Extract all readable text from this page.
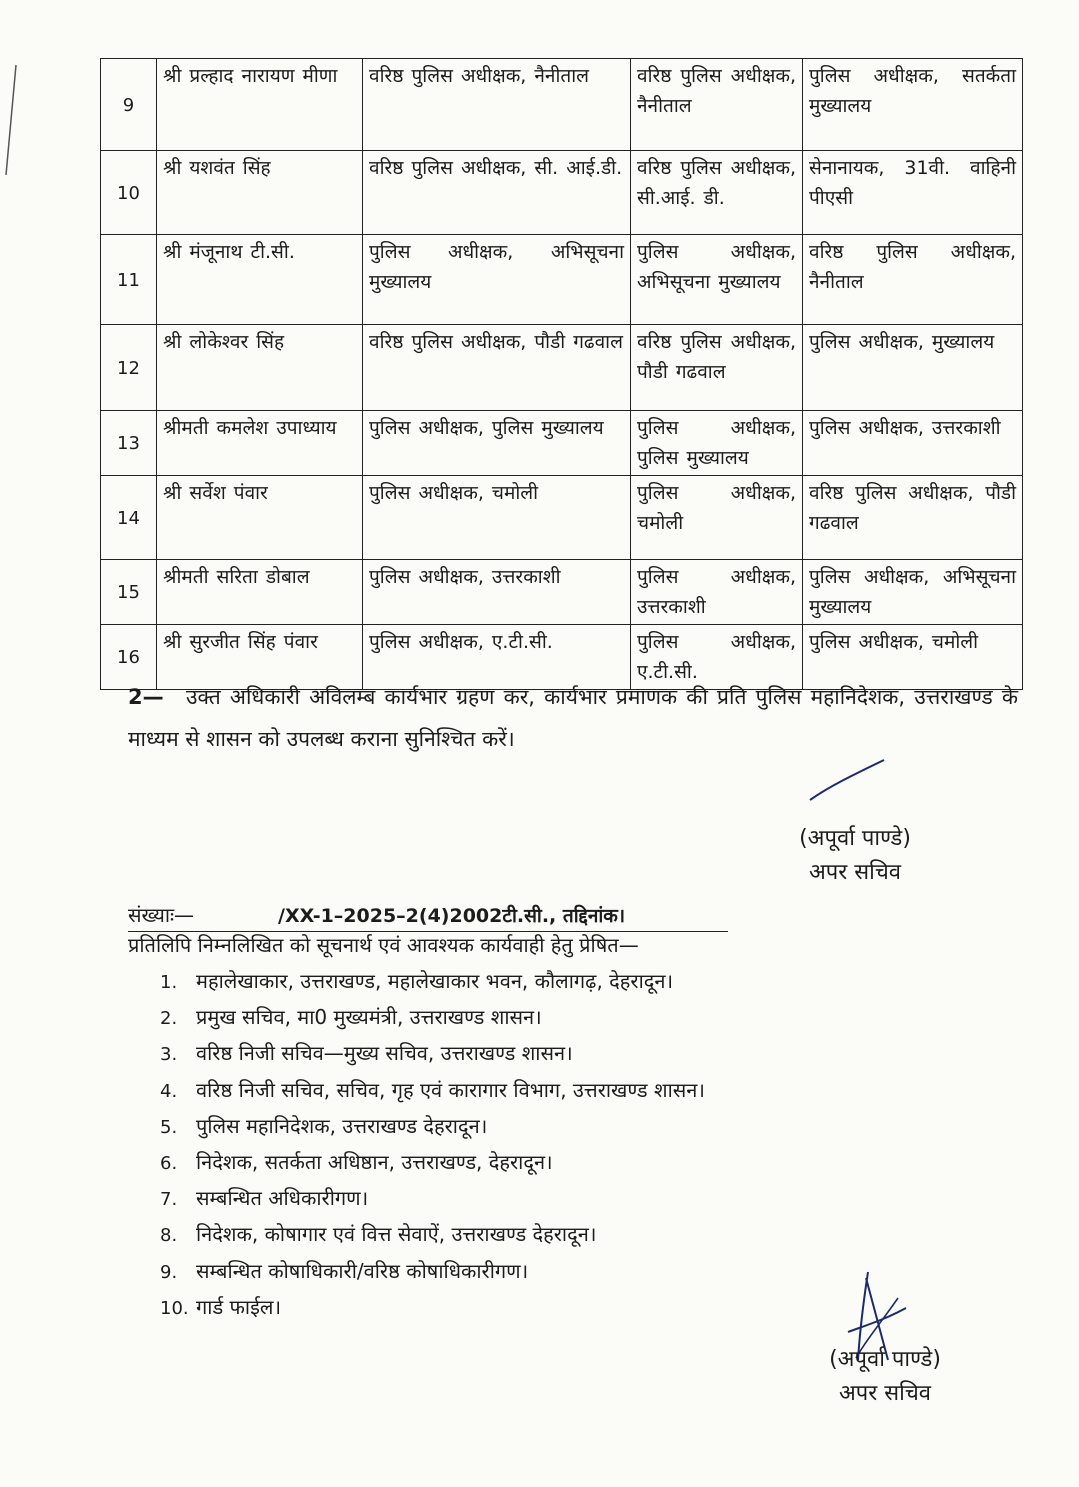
9	श्री प्रल्हाद नारायण मीणा	वरिष्ठ पुलिस अधीक्षक, नैनीताल	वरिष्ठ पुलिस अधीक्षक, नैनीताल	पुलिस अधीक्षक, सतर्कता मुख्यालय
10	श्री यशवंत सिंह	वरिष्ठ पुलिस अधीक्षक, सी. आई.डी.	वरिष्ठ पुलिस अधीक्षक, सी.आई. डी.	सेनानायक, 31वी. वाहिनी पीएसी
11	श्री मंजूनाथ टी.सी.	पुलिस अधीक्षक, अभिसूचना मुख्यालय	पुलिस अधीक्षक, अभिसूचना मुख्यालय	वरिष्ठ पुलिस अधीक्षक, नैनीताल
12	श्री लोकेश्वर सिंह	वरिष्ठ पुलिस अधीक्षक, पौडी गढवाल	वरिष्ठ पुलिस अधीक्षक, पौडी गढवाल	पुलिस अधीक्षक, मुख्यालय
13	श्रीमती कमलेश उपाध्याय	पुलिस अधीक्षक, पुलिस मुख्यालय	पुलिस अधीक्षक, पुलिस मुख्यालय	पुलिस अधीक्षक, उत्तरकाशी
14	श्री सर्वेश पंवार	पुलिस अधीक्षक, चमोली	पुलिस अधीक्षक, चमोली	वरिष्ठ पुलिस अधीक्षक, पौडी गढवाल
15	श्रीमती सरिता डोबाल	पुलिस अधीक्षक, उत्तरकाशी	पुलिस अधीक्षक, उत्तरकाशी	पुलिस अधीक्षक, अभिसूचना मुख्यालय
16	श्री सुरजीत सिंह पंवार	पुलिस अधीक्षक, ए.टी.सी.	पुलिस अधीक्षक, ए.टी.सी.	पुलिस अधीक्षक, चमोली
2— उक्त अधिकारी अविलम्ब कार्यभार ग्रहण कर, कार्यभार प्रमाणक की प्रति पुलिस महानिदेशक, उत्तराखण्ड के माध्यम से शासन को उपलब्ध कराना सुनिश्चित करें।
(अपूर्वा पाण्डे)
अपर सचिव
संख्याः—	/XX-1–2025–2(4)2002टी.सी., तद्दिनांक।
प्रतिलिपि निम्नलिखित को सूचनार्थ एवं आवश्यक कार्यवाही हेतु प्रेषित—
1. महालेखाकार, उत्तराखण्ड, महालेखाकार भवन, कौलागढ़, देहरादून।
2. प्रमुख सचिव, मा0 मुख्यमंत्री, उत्तराखण्ड शासन।
3. वरिष्ठ निजी सचिव—मुख्य सचिव, उत्तराखण्ड शासन।
4. वरिष्ठ निजी सचिव, सचिव, गृह एवं कारागार विभाग, उत्तराखण्ड शासन।
5. पुलिस महानिदेशक, उत्तराखण्ड देहरादून।
6. निदेशक, सतर्कता अधिष्ठान, उत्तराखण्ड, देहरादून।
7. सम्बन्धित अधिकारीगण।
8. निदेशक, कोषागार एवं वित्त सेवाऐं, उत्तराखण्ड देहरादून।
9. सम्बन्धित कोषाधिकारी/वरिष्ठ कोषाधिकारीगण।
10. गार्ड फाईल।
(अपूर्वा पाण्डे)
अपर सचिव
